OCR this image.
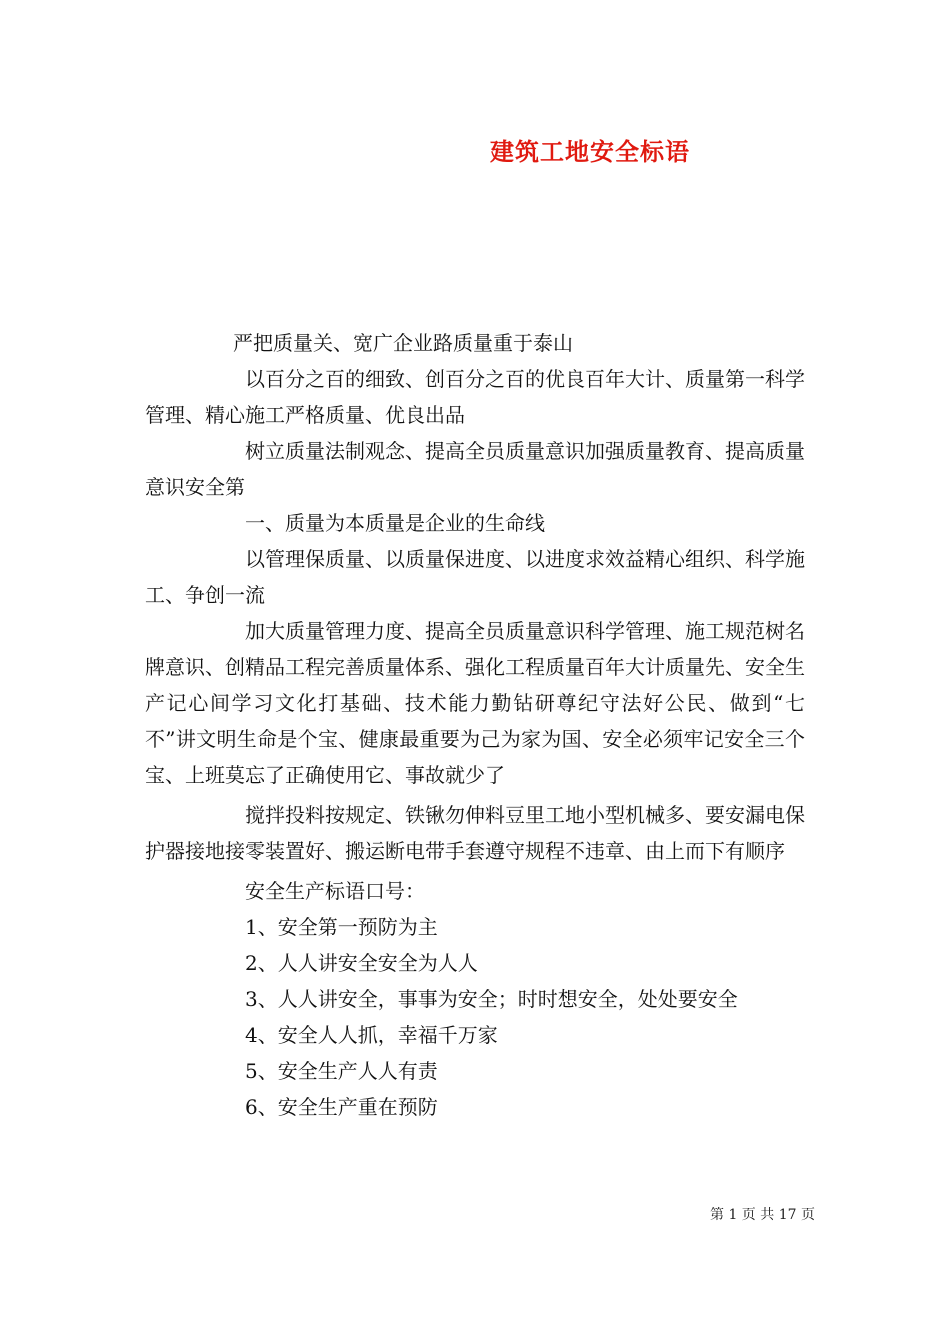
建筑工地安全标语
严把质量关、宽广企业路质量重于泰山

以百分之百的细致、创百分之百的优良百年大计、质量第一科学管理、精心施工严格质量、优良出品

树立质量法制观念、提高全员质量意识加强质量教育、提高质量意识安全第

一、质量为本质量是企业的生命线

以管理保质量、以质量保进度、以进度求效益精心组织、科学施工、争创一流

加大质量管理力度、提高全员质量意识科学管理、施工规范树名牌意识、创精品工程完善质量体系、强化工程质量百年大计质量先、安全生产记心间学习文化打基础、技术能力勤钻研尊纪守法好公民、做到“七不”讲文明生命是个宝、健康最重要为己为家为国、安全必须牢记安全三个宝、上班莫忘了正确使用它、事故就少了

搅拌投料按规定、铁锹勿伸料豆里工地小型机械多、要安漏电保护器接地接零装置好、搬运断电带手套遵守规程不违章、由上而下有顺序

安全生产标语口号：

1、安全第一预防为主

2、人人讲安全安全为人人

3、人人讲安全，事事为安全；时时想安全，处处要安全

4、安全人人抓，幸福千万家

5、安全生产人人有责

6、安全生产重在预防

第 1 页 共 17 页
